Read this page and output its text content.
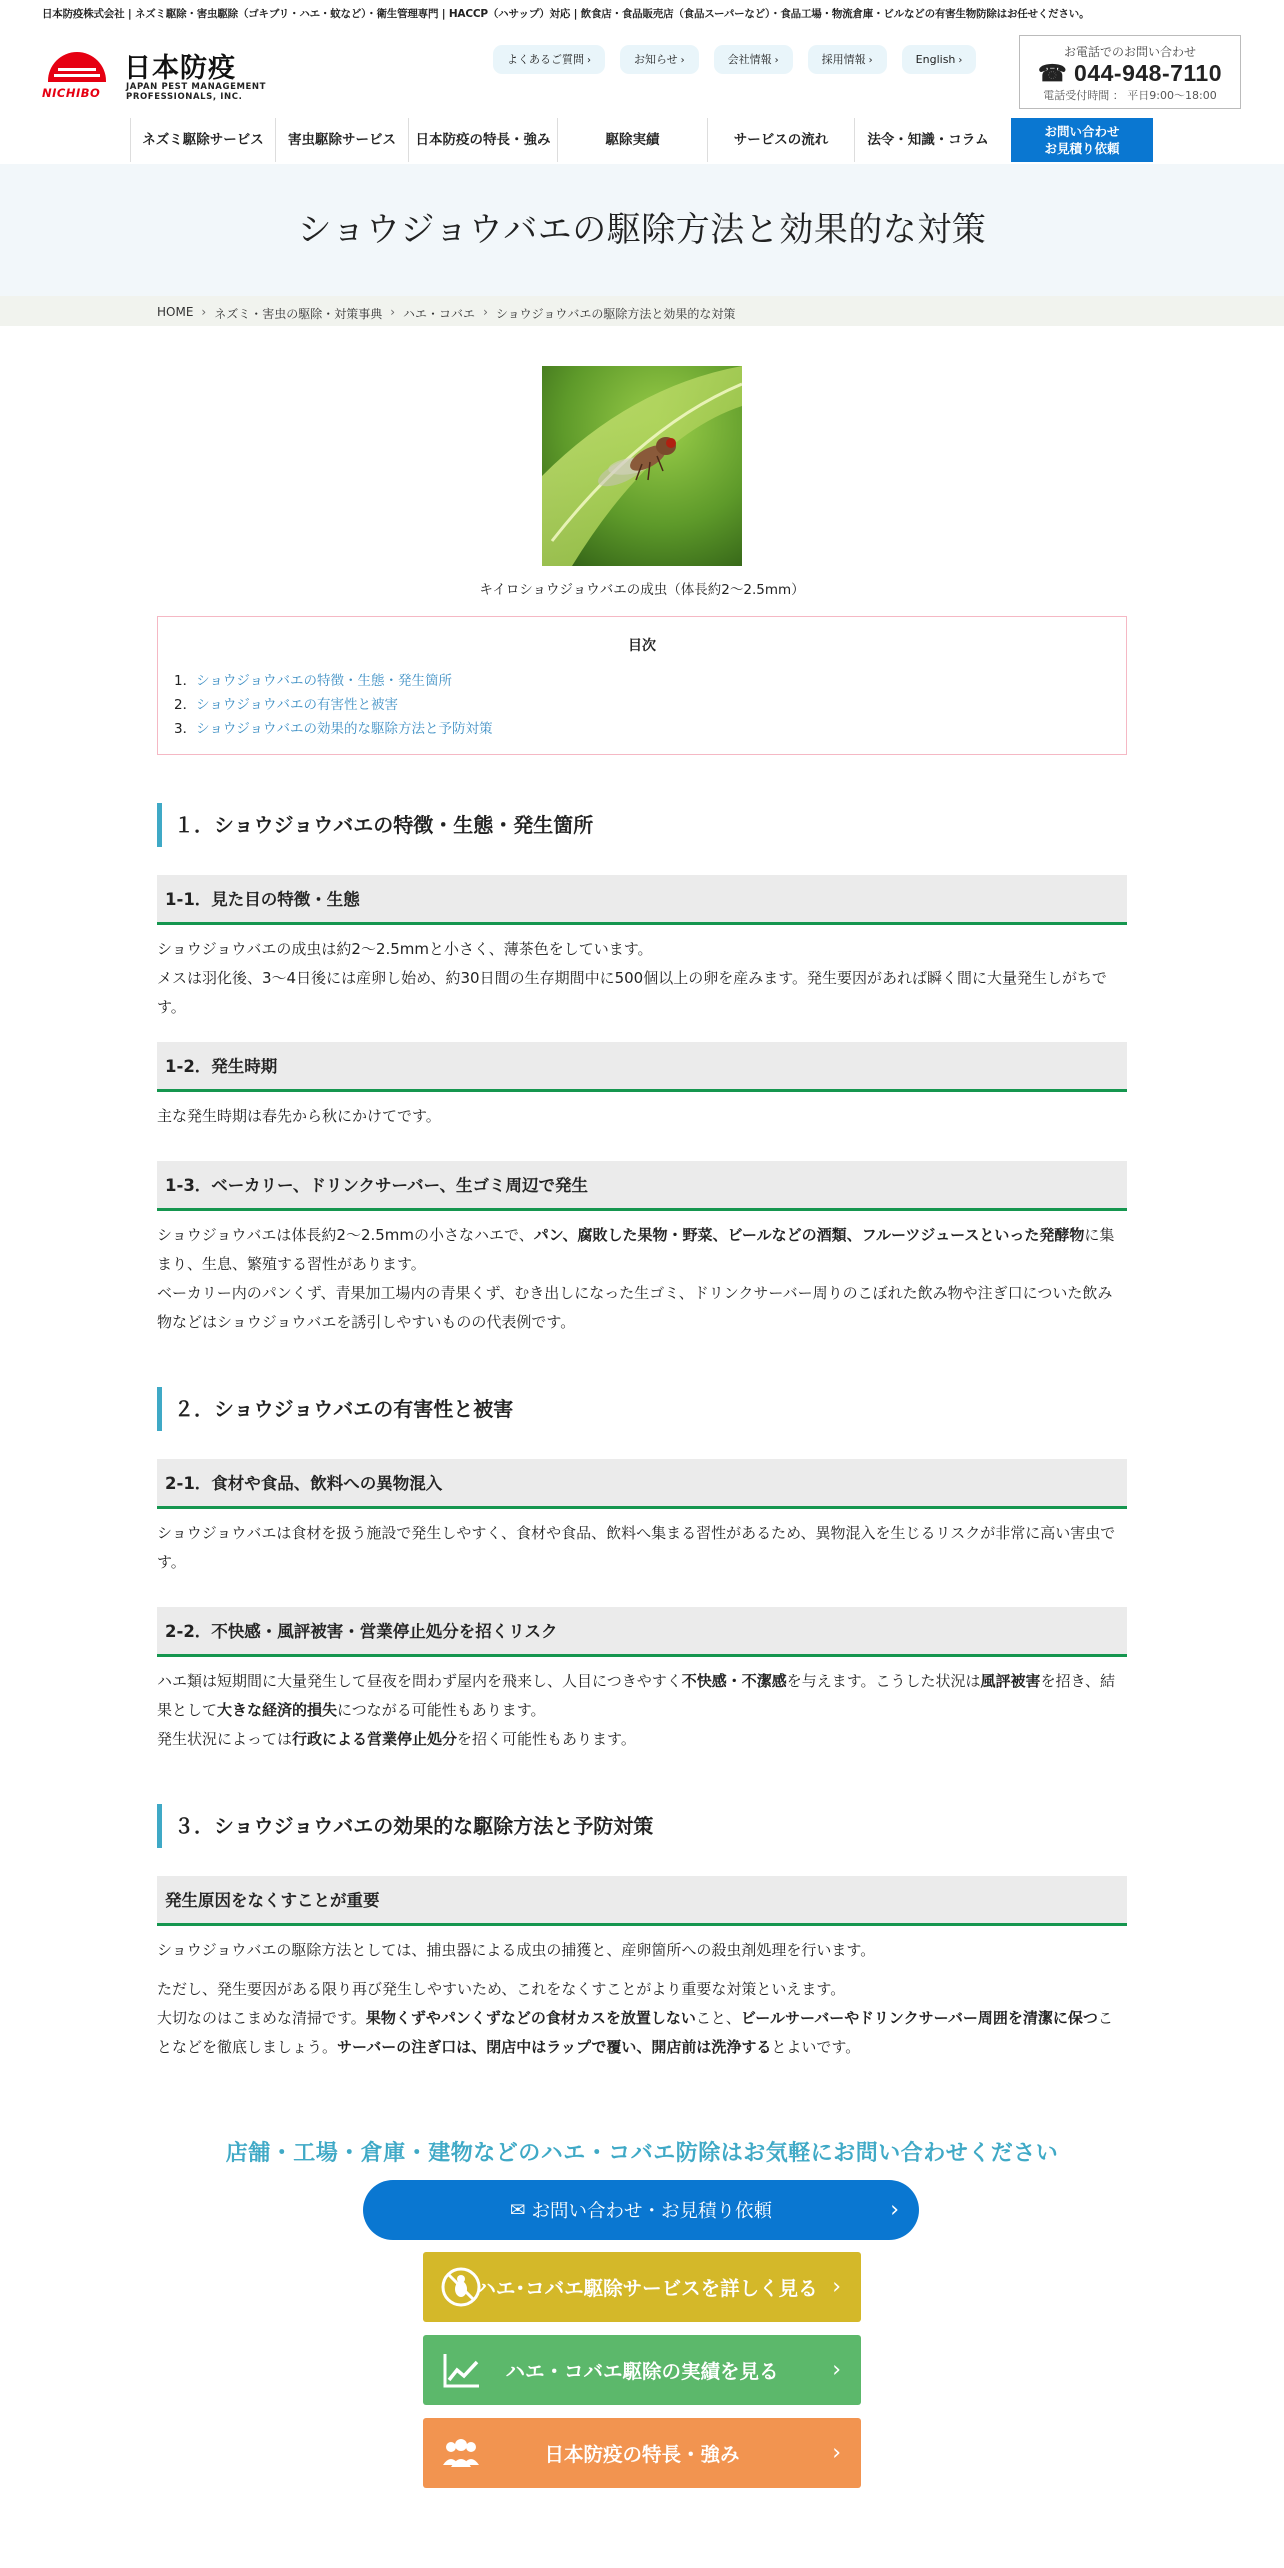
日本防疫株式会社 | ネズミ駆除・害虫駆除（ゴキブリ・ハエ・蚊など）・衛生管理専門 | HACCP（ハサップ）対応 | 飲食店・食品販売店（食品スーパーなど）・食品工場・物流倉庫・ビルなどの有害生物防除はお任せください。
NICHIBO
日本防疫
JAPAN PEST MANAGEMENT
PROFESSIONALS, INC.
よくあるご質問 ›	お知らせ ›	会社情報 ›	採用情報 ›	English ›
お電話でのお問い合わせ
☎ 044-948-7110
電話受付時間 ： 平日9:00～18:00
ネズミ駆除サービス	害虫駆除サービス	日本防疫の特長・強み	駆除実績	サービスの流れ	法令・知識・コラム
お問い合わせ
お見積り依頼
ショウジョウバエの駆除方法と効果的な対策
HOME › ネズミ・害虫の駆除・対策事典 › ハエ・コバエ › ショウジョウバエの駆除方法と効果的な対策
キイロショウジョウバエの成虫（体長約2～2.5mm）
目次
1．ショウジョウバエの特徴・生態・発生箇所
2．ショウジョウバエの有害性と被害
3．ショウジョウバエの効果的な駆除方法と予防対策
１．ショウジョウバエの特徴・生態・発生箇所
1-1．見た目の特徴・生態
ショウジョウバエの成虫は約2～2.5mmと小さく、薄茶色をしています。
メスは羽化後、3～4日後には産卵し始め、約30日間の生存期間中に500個以上の卵を産みます。発生要因があれば瞬く間に大量発生しがちです。
1-2．発生時期
主な発生時期は春先から秋にかけてです。
1-3．ベーカリー、ドリンクサーバー、生ゴミ周辺で発生
ショウジョウバエは体長約2～2.5mmの小さなハエで、パン、腐敗した果物・野菜、ビールなどの酒類、フルーツジュースといった発酵物に集まり、生息、繁殖する習性があります。
ベーカリー内のパンくず、青果加工場内の青果くず、むき出しになった生ゴミ、ドリンクサーバー周りのこぼれた飲み物や注ぎ口についた飲み物などはショウジョウバエを誘引しやすいものの代表例です。
２．ショウジョウバエの有害性と被害
2-1．食材や食品、飲料への異物混入
ショウジョウバエは食材を扱う施設で発生しやすく、食材や食品、飲料へ集まる習性があるため、異物混入を生じるリスクが非常に高い害虫です。
2-2．不快感・風評被害・営業停止処分を招くリスク
ハエ類は短期間に大量発生して昼夜を問わず屋内を飛来し、人目につきやすく不快感・不潔感を与えます。こうした状況は風評被害を招き、結果として大きな経済的損失につながる可能性もあります。
発生状況によっては行政による営業停止処分を招く可能性もあります。
３．ショウジョウバエの効果的な駆除方法と予防対策
発生原因をなくすことが重要
ショウジョウバエの駆除方法としては、捕虫器による成虫の捕獲と、産卵箇所への殺虫剤処理を行います。
ただし、発生要因がある限り再び発生しやすいため、これをなくすことがより重要な対策といえます。
大切なのはこまめな清掃です。果物くずやパンくずなどの食材カスを放置しないこと、ビールサーバーやドリンクサーバー周囲を清潔に保つことなどを徹底しましょう。サーバーの注ぎ口は、閉店中はラップで覆い、開店前は洗浄するとよいです。
店舗・工場・倉庫・建物などのハエ・コバエ防除はお気軽にお問い合わせください
✉ お問い合わせ・お見積り依頼	›
ハエ･コバエ駆除サービスを詳しく見る ›
ハエ・コバエ駆除の実績を見る ›
日本防疫の特長・強み	›
